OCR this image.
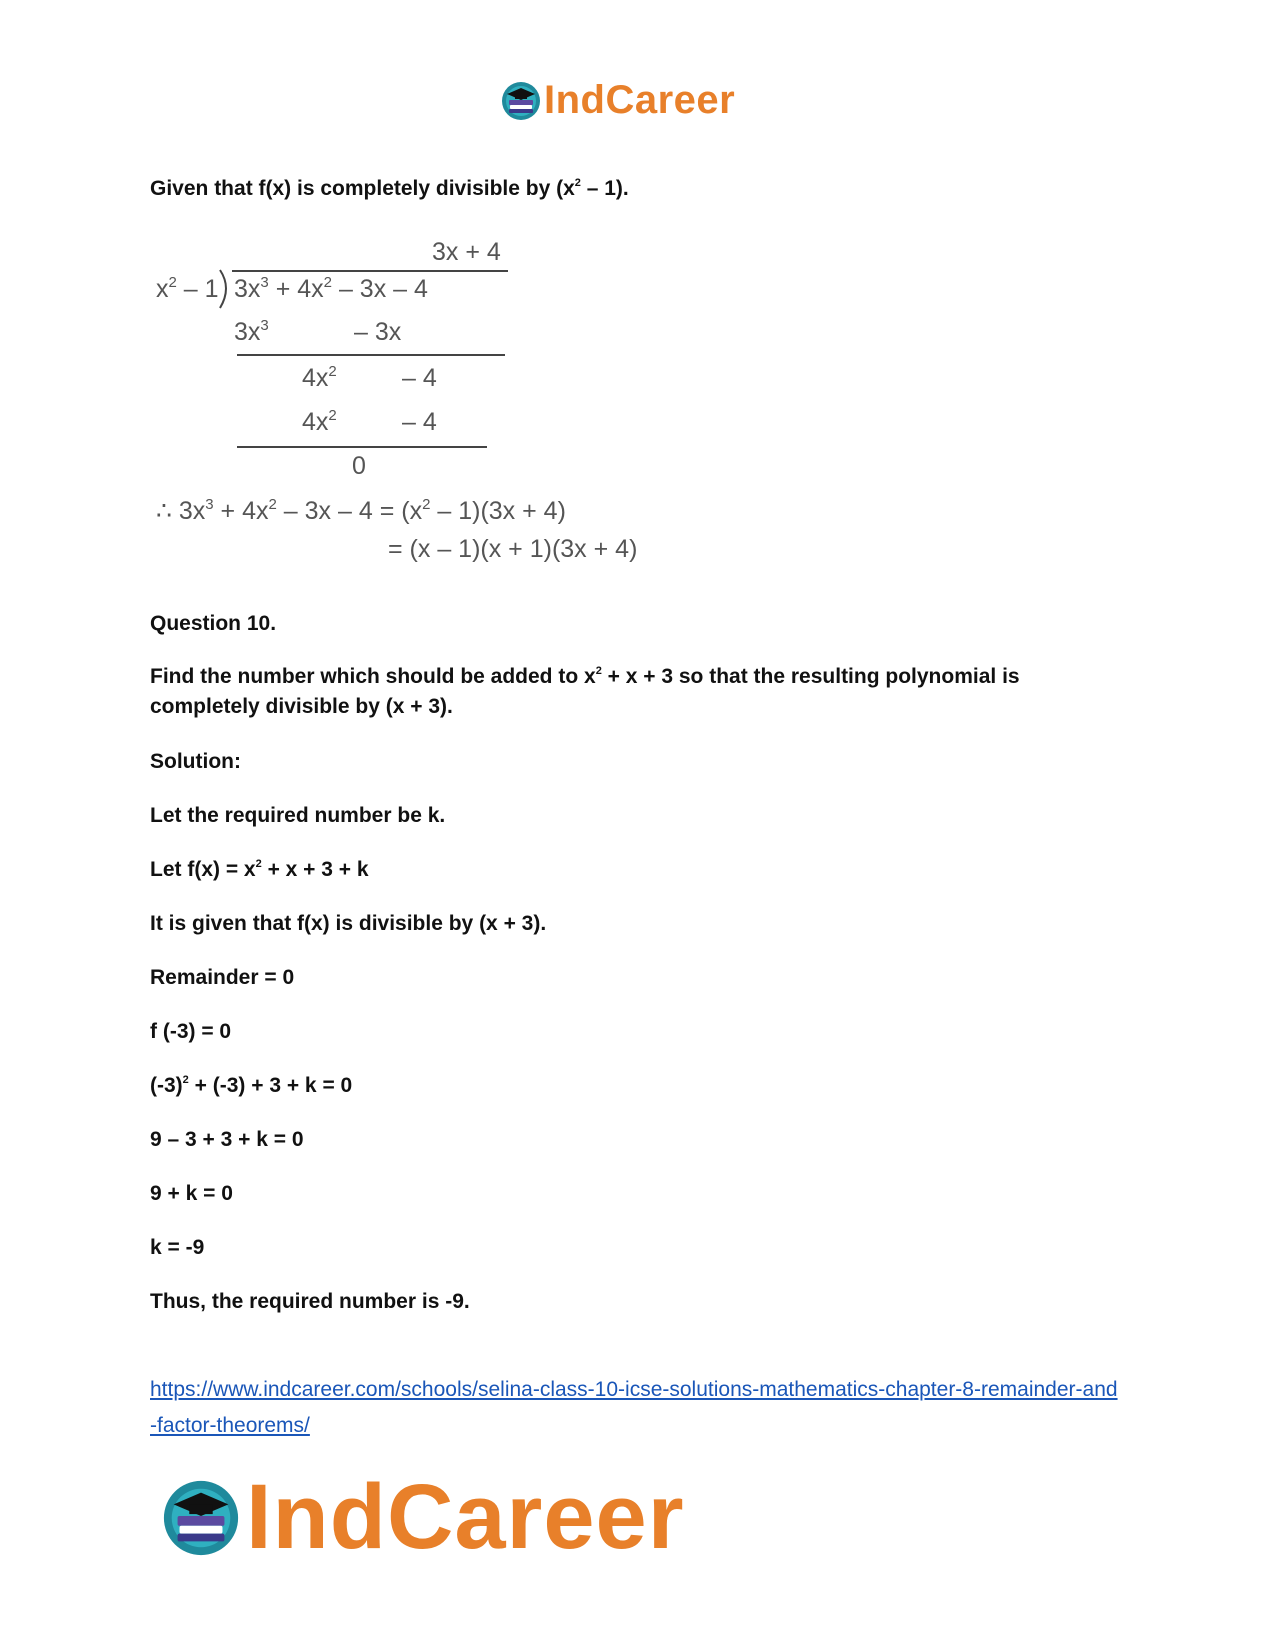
IndCareer
Given that f(x) is completely divisible by $(x^2 - 1)$.
3x + 4
$x^2 - 1$ $3x^3 + 4x^2 - 3x - 4$
$3x^3$	– 3x
$4x^2$	– 4
$4x^2$	– 4
0
∴ $3x^3 + 4x^2 - 3x - 4 = (x^2 - 1)(3x + 4)$
= (x – 1)(x + 1)(3x + 4)
Question 10.
Find the number which should be added to $x^2 + x + 3$ so that the resulting polynomial is completely divisible by (x + 3).
Solution:
Let the required number be k.
Let $f(x) = x^2 + x + 3 + k$
It is given that f(x) is divisible by (x + 3).
Remainder = 0
f (-3) = 0
$(-3)^2 + (-3) + 3 + k = 0$
9 – 3 + 3 + k = 0
9 + k = 0
k = -9
Thus, the required number is -9.
https://www.indcareer.com/schools/selina-class-10-icse-solutions-mathematics-chapter-8-remainder-and-factor-theorems/
IndCareer
